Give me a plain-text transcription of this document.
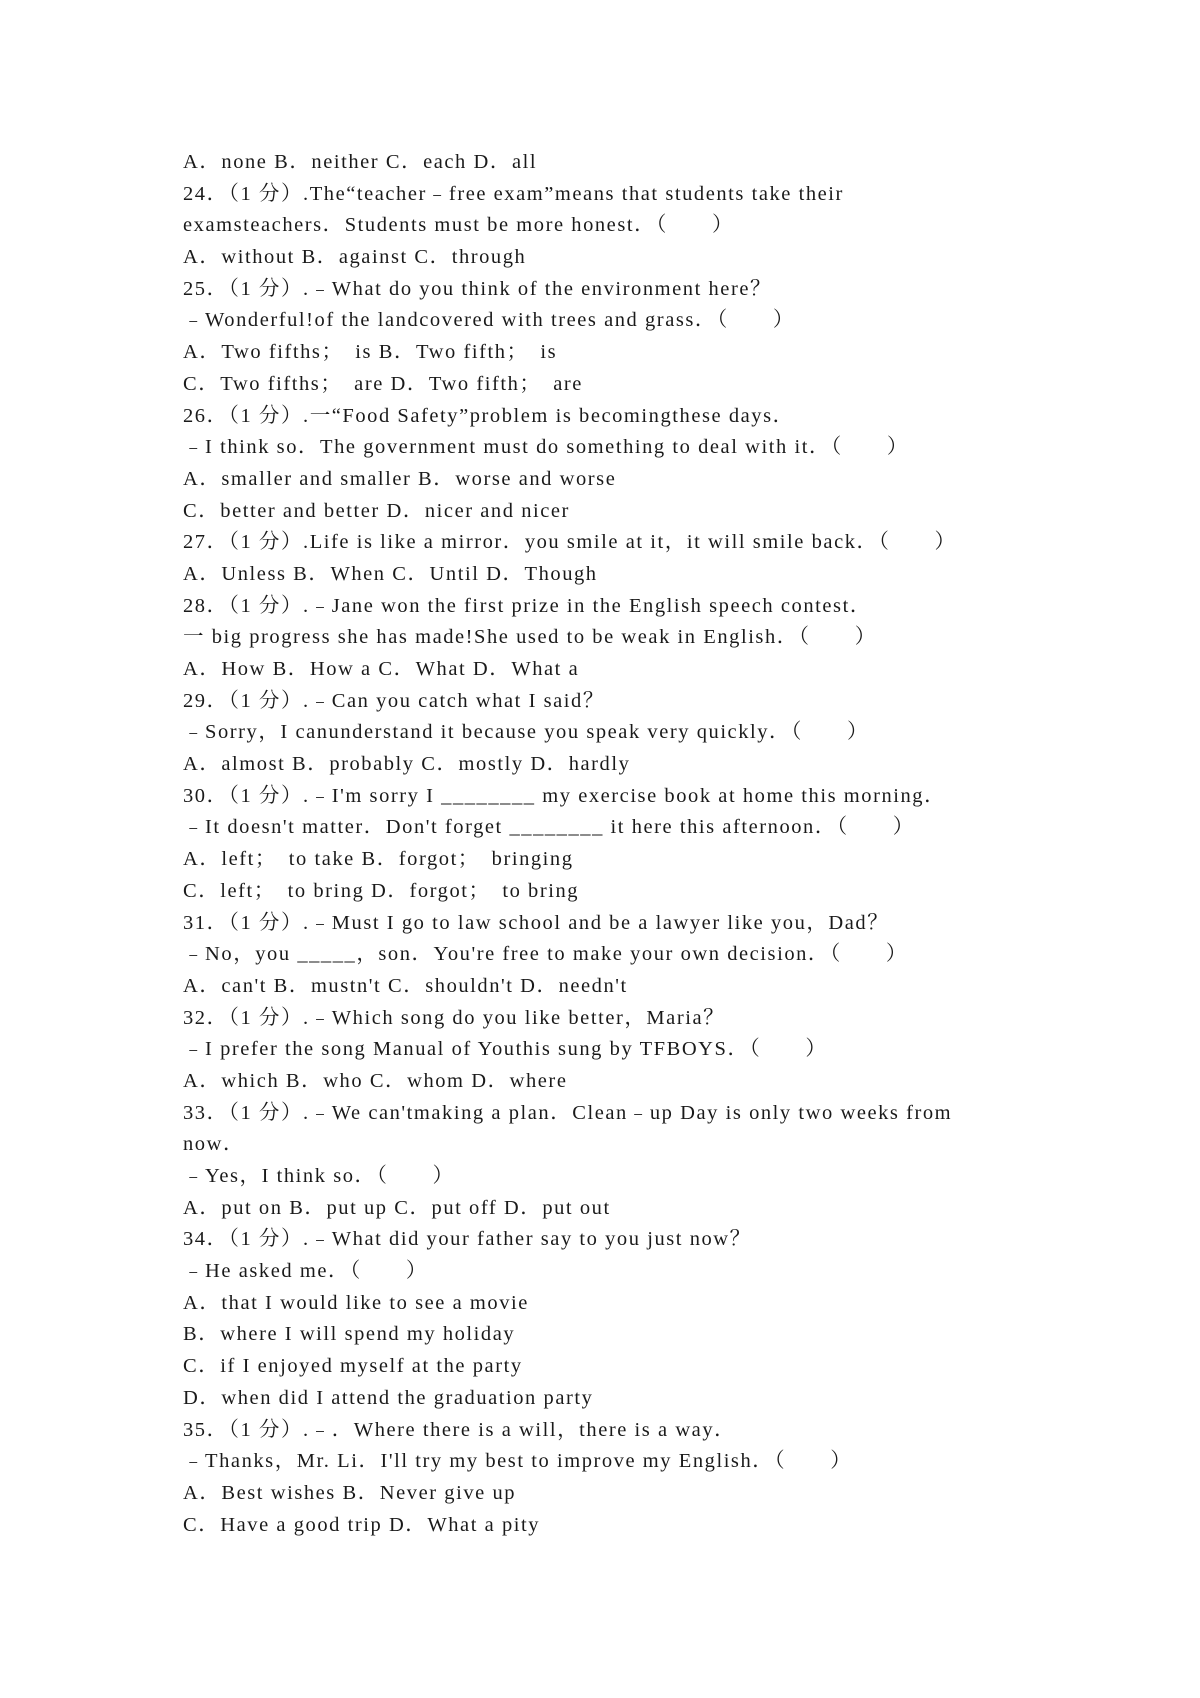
A．none B．neither C．each D．all
24．（1 分）.The“teacher﹣free exam”means that students take their
examsteachers．Students must be more honest．（　　）
A．without B．against C．through
25．（1 分）.﹣What do you think of the environment here？
﹣Wonderful!of the landcovered with trees and grass．（　　）
A．Two fifths；　is B．Two fifth；　is
C．Two fifths；　are D．Two fifth；　are
26．（1 分）.一“Food Safety”problem is becomingthese days．
﹣I think so．The government must do something to deal with it．（　　）
A．smaller and smaller B．worse and worse
C．better and better D．nicer and nicer
27．（1 分）.Life is like a mirror．you smile at it，it will smile back．（　　）
A．Unless B．When C．Until D．Though
28．（1 分）.﹣Jane won the first prize in the English speech contest．
一 big progress she has made!She used to be weak in English．（　　）
A．How B．How a C．What D．What a
29．（1 分）.﹣Can you catch what I said？
﹣Sorry，I canunderstand it because you speak very quickly．（　　）
A．almost B．probably C．mostly D．hardly
30．（1 分）.﹣I'm sorry I ________ my exercise book at home this morning．
﹣It doesn't matter．Don't forget ________ it here this afternoon．（　　）
A．left；　to take B．forgot；　bringing
C．left；　to bring D．forgot；　to bring
31．（1 分）.﹣Must I go to law school and be a lawyer like you，Dad？
﹣No，you _____，son．You're free to make your own decision．（　　）
A．can't B．mustn't C．shouldn't D．needn't
32．（1 分）.﹣Which song do you like better，Maria？
﹣I prefer the song Manual of Youthis sung by TFBOYS．（　　）
A．which B．who C．whom D．where
33．（1 分）.﹣We can'tmaking a plan．Clean﹣up Day is only two weeks from
now．
﹣Yes，I think so．（　　）
A．put on B．put up C．put off D．put out
34．（1 分）.﹣What did your father say to you just now？
﹣He asked me．（　　）
A．that I would like to see a movie
B．where I will spend my holiday
C．if I enjoyed myself at the party
D．when did I attend the graduation party
35．（1 分）.﹣．Where there is a will，there is a way．
﹣Thanks，Mr. Li．I'll try my best to improve my English．（　　）
A．Best wishes B．Never give up
C．Have a good trip D．What a pity
